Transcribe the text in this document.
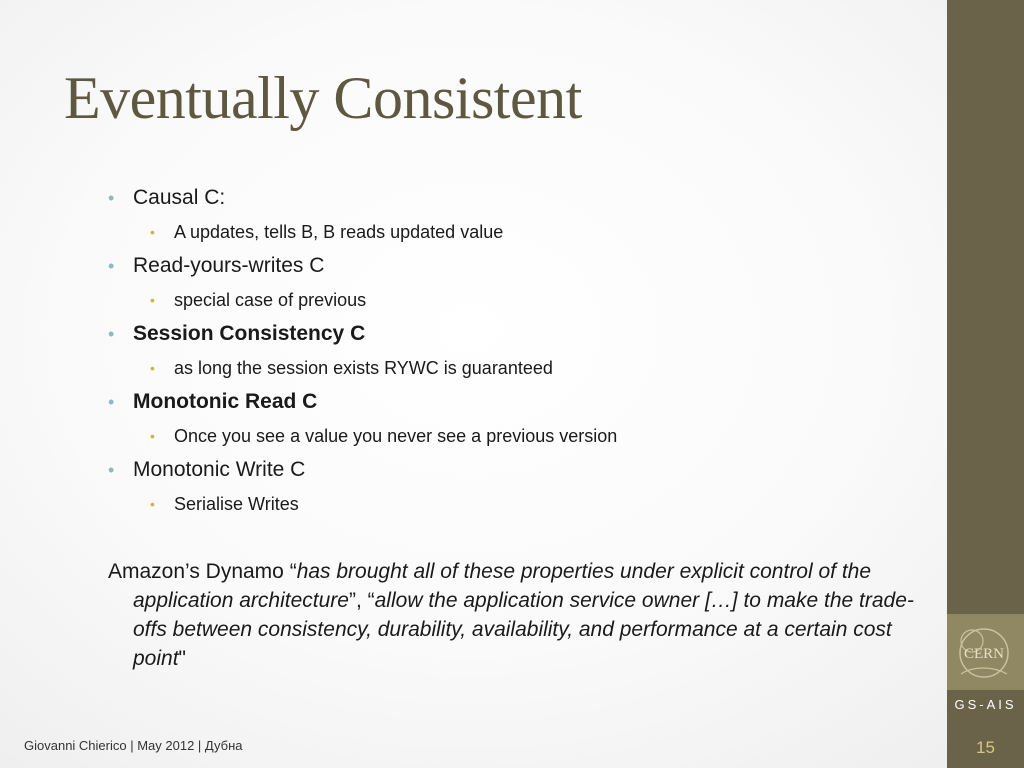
Eventually Consistent
• Causal C:
• A updates, tells B, B reads updated value
• Read-yours-writes C
• special case of previous
• Session Consistency C
• as long the session exists RYWC is guaranteed
• Monotonic Read C
• Once you see a value you never see a previous version
• Monotonic Write C
• Serialise Writes
Amazon’s Dynamo “has brought all of these properties under explicit control of the application architecture”, “allow the application service owner […] to make the trade-offs between consistency, durability, availability, and performance at a certain cost point"
Giovanni Chierico | May 2012 | Дубна
CERN
GS-AIS
15
